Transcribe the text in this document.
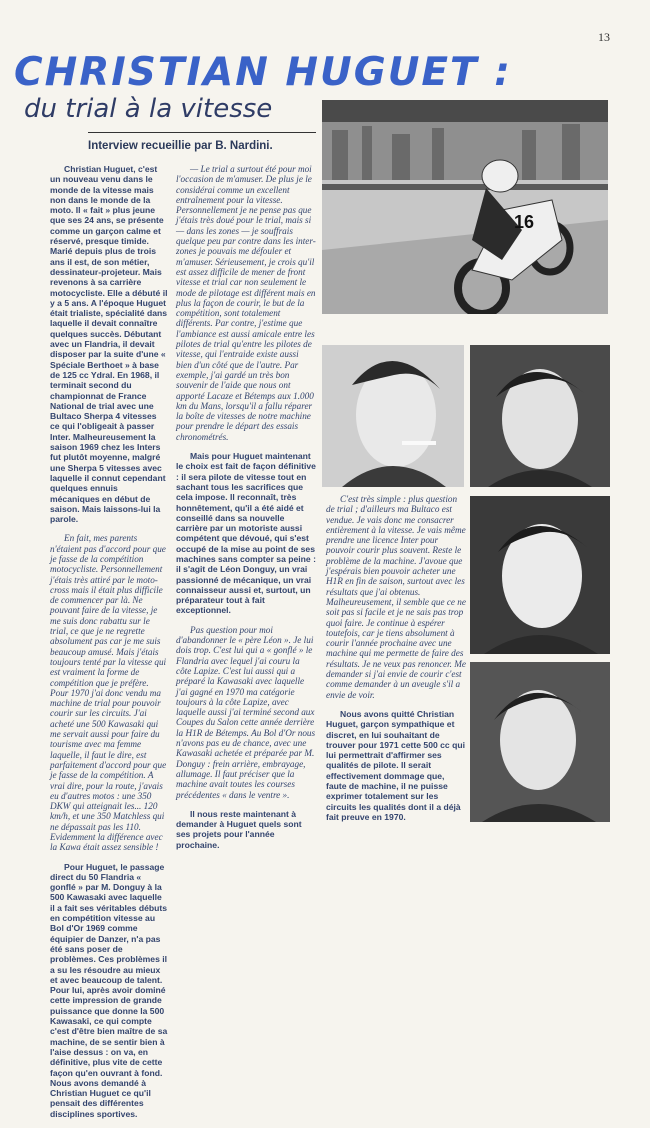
13
CHRISTIAN HUGUET :
du trial à la vitesse
Interview recueillie par B. Nardini.

Christian Huguet, c'est un nouveau venu dans le monde de la vitesse mais non dans le monde de la moto. Il « fait » plus jeune que ses 24 ans, se présente comme un garçon calme et réservé, presque timide. Marié depuis plus de trois ans il est, de son métier, dessinateur-projeteur. Mais revenons à sa carrière motocycliste. Elle a débuté il y a 5 ans. A l'époque Huguet était trialiste, spécialité dans laquelle il devait connaître quelques succès. Débutant avec un Flandria, il devait disposer par la suite d'une « Spéciale Berthoet » à base de 125 cc Ydral. En 1968, il terminait second du championnat de France National de trial avec une Bultaco Sherpa 4 vitesses ce qui l'obligeait à passer Inter. Malheureusement la saison 1969 chez les Inters fut plutôt moyenne, malgré une Sherpa 5 vitesses avec laquelle il connut cependant quelques ennuis mécaniques en début de saison. Mais laissons-lui la parole.

En fait, mes parents n'étaient pas d'accord pour que je fasse de la compétition motocycliste. Personnellement j'étais très attiré par le moto-cross mais il était plus difficile de commencer par là. Ne pouvant faire de la vitesse, je me suis donc rabattu sur le trial, ce que je ne regrette absolument pas car je me suis beaucoup amusé. Mais j'étais toujours tenté par la vitesse qui est vraiment la forme de compétition que je préfère. Pour 1970 j'ai donc vendu ma machine de trial pour pouvoir courir sur les circuits. J'ai acheté une 500 Kawasaki qui me servait aussi pour faire du tourisme avec ma femme laquelle, il faut le dire, est parfaitement d'accord pour que je fasse de la compétition. A vrai dire, pour la route, j'avais eu d'autres motos : une 350 DKW qui atteignait les... 120 km/h, et une 350 Matchless qui ne dépassait pas les 110. Evidemment la différence avec la Kawa était assez sensible !

Pour Huguet, le passage direct du 50 Flandria « gonflé » par M. Donguy à la 500 Kawasaki avec laquelle il a fait ses véritables débuts en compétition vitesse au Bol d'Or 1969 comme équipier de Danzer, n'a pas été sans poser de problèmes. Ces problèmes il a su les résoudre au mieux et avec beaucoup de talent. Pour lui, après avoir dominé cette impression de grande puissance que donne la 500 Kawasaki, ce qui compte c'est d'être bien maître de sa machine, de se sentir bien à l'aise dessus : on va, en définitive, plus vite de cette façon qu'en ouvrant à fond. Nous avons demandé à Christian Huguet ce qu'il pensait des différentes disciplines sportives.

— Le trial a surtout été pour moi l'occasion de m'amuser. De plus je le considérai comme un excellent entraînement pour la vitesse. Personnellement je ne pense pas que j'étais très doué pour le trial, mais si — dans les zones — je souffrais quelque peu par contre dans les inter-zones je pouvais me défouler et m'amuser. Sérieusement, je crois qu'il est assez difficile de mener de front vitesse et trial car non seulement le mode de pilotage est différent mais en plus la façon de courir, le but de la compétition, sont totalement différents. Par contre, j'estime que l'ambiance est aussi amicale entre les pilotes de trial qu'entre les pilotes de vitesse, qui l'entraide existe aussi bien d'un côté que de l'autre. Par exemple, j'ai gardé un très bon souvenir de l'aide que nous ont apporté Lacaze et Bétemps aux 1.000 km du Mans, lorsqu'il a fallu réparer la boîte de vitesses de notre machine pour prendre le départ des essais chronométrés.

Mais pour Huguet maintenant le choix est fait de façon définitive : il sera pilote de vitesse tout en sachant tous les sacrifices que cela impose. Il reconnaît, très honnêtement, qu'il a été aidé et conseillé dans sa nouvelle carrière par un motoriste aussi compétent que dévoué, qui s'est occupé de la mise au point de ses machines sans compter sa peine : il s'agit de Léon Donguy, un vrai passionné de mécanique, un vrai connaisseur aussi et, surtout, un préparateur tout à fait exceptionnel.

Pas question pour moi d'abandonner le « père Léon ». Je lui dois trop. C'est lui qui a « gonflé » le Flandria avec lequel j'ai couru la côte Lapize. C'est lui aussi qui a préparé la Kawasaki avec laquelle j'ai gagné en 1970 ma catégorie toujours à la côte Lapize, avec laquelle aussi j'ai terminé second aux Coupes du Salon cette année derrière la H1R de Bétemps. Au Bol d'Or nous n'avons pas eu de chance, avec une Kawasaki achetée et préparée par M. Donguy : frein arrière, embrayage, allumage. Il faut préciser que la machine avait toutes les courses précédentes « dans le ventre ».

Il nous reste maintenant à demander à Huguet quels sont ses projets pour l'année prochaine.

C'est très simple : plus question de trial ; d'ailleurs ma Bultaco est vendue. Je vais donc me consacrer entièrement à la vitesse. Je vais même prendre une licence Inter pour pouvoir courir plus souvent. Reste le problème de la machine. J'avoue que j'espérais bien pouvoir acheter une H1R en fin de saison, surtout avec les résultats que j'ai obtenus. Malheureusement, il semble que ce ne soit pas si facile et je ne sais pas trop quoi faire. Je continue à espérer toutefois, car je tiens absolument à courir l'année prochaine avec une machine qui me permette de faire des résultats. Je ne veux pas renoncer. Me demander si j'ai envie de courir c'est comme demander à un aveugle s'il a envie de voir.

Nous avons quitté Christian Huguet, garçon sympathique et discret, en lui souhaitant de trouver pour 1971 cette 500 cc qui lui permettrait d'affirmer ses qualités de pilote. Il serait effectivement dommage que, faute de machine, il ne puisse exprimer totalement sur les circuits les qualités dont il a déjà fait preuve en 1970.

16
